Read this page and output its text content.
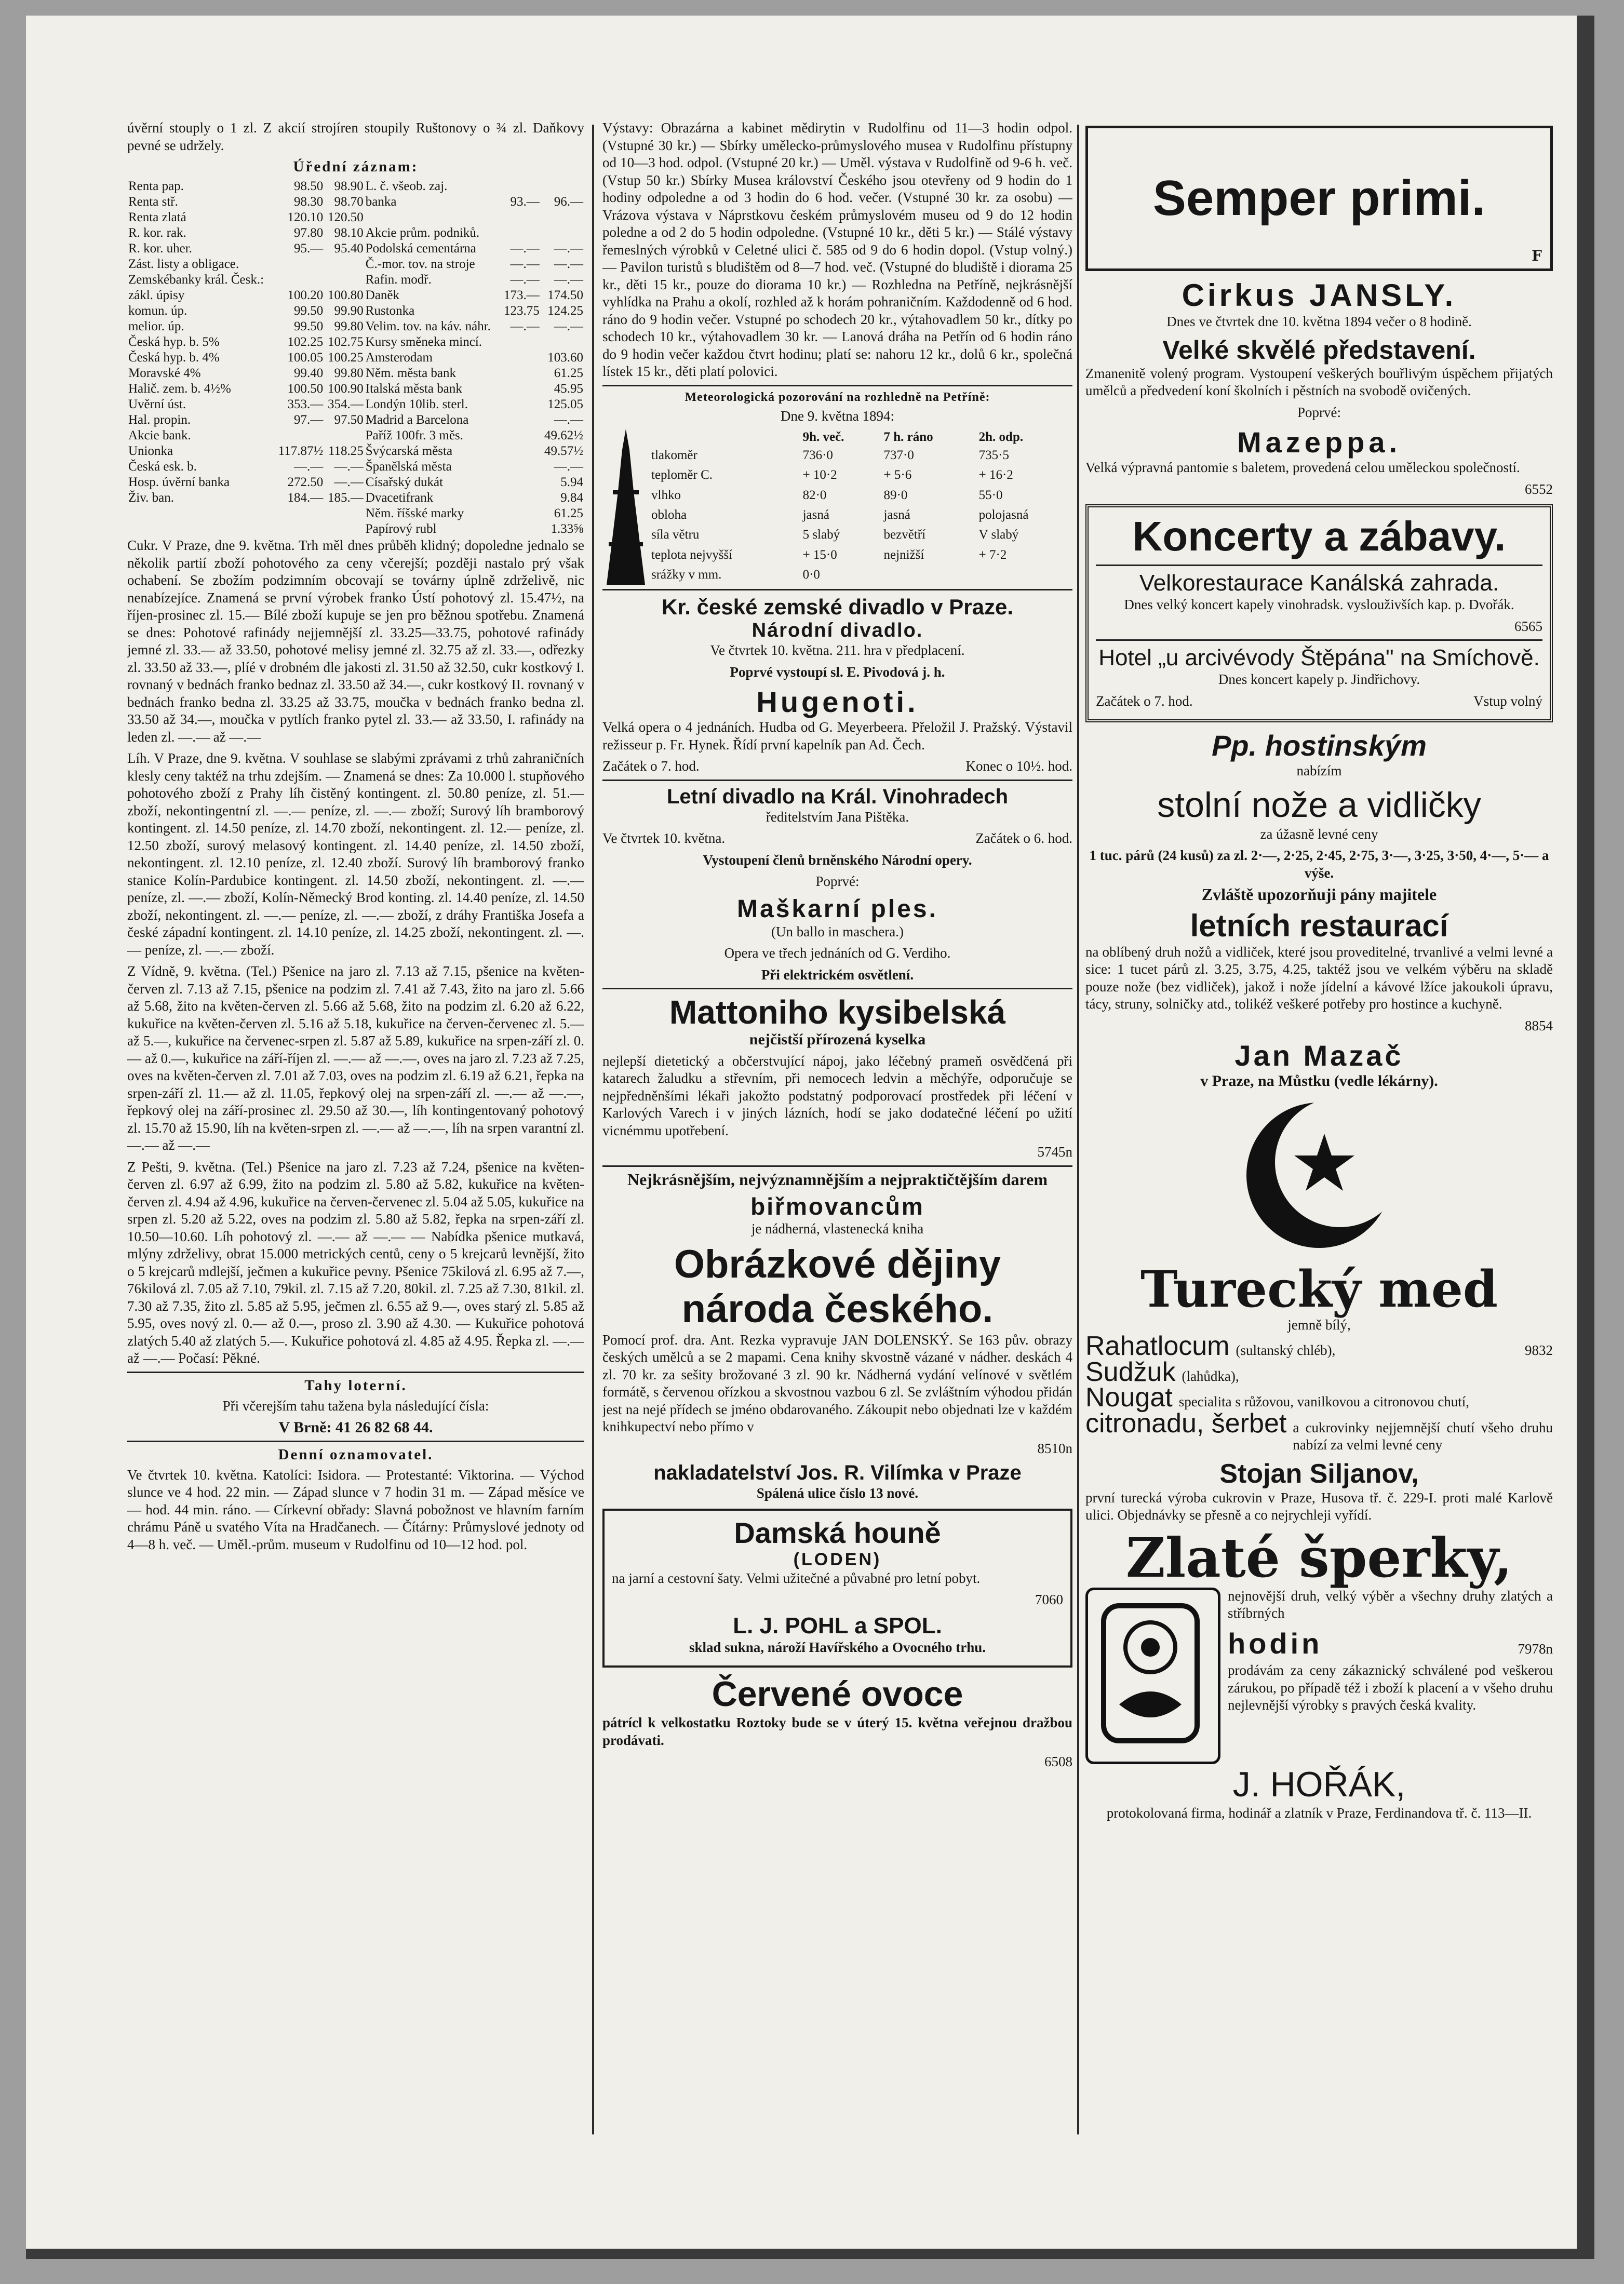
úvěrní stouply o 1 zl. Z akcií strojíren stoupily Ruštonovy o ¾ zl. Daňkovy pevné se udržely.

Úřední záznam:
Renta pap.	98.50	98.90	L. č. všeob. zaj.		
Renta stř.	98.30	98.70	banka	93.—	96.—
Renta zlatá	120.10	120.50			
R. kor. rak.	97.80	98.10	Akcie prům. podniků.		
R. kor. uher.	95.—	95.40	Podolská cementárna	—.—	—.—
Zást. listy a obligace.			Č.-mor. tov. na stroje	—.—	—.—
Zemskébanky král. Česk.:			Rafin. modř.	—.—	—.—
zákl. úpisy	100.20	100.80	Daněk	173.—	174.50
komun. úp.	99.50	99.90	Rustonka	123.75	124.25
melior. úp.	99.50	99.80	Velim. tov. na káv. náhr.	—.—	—.—
Česká hyp. b. 5%	102.25	102.75	Kursy směneka mincí.		
Česká hyp. b. 4%	100.05	100.25	Amsterodam		103.60
Moravské 4%	99.40	99.80	Něm. města bank		61.25
Halič. zem. b. 4½%	100.50	100.90	Italská města bank		45.95
Uvěrní úst.	353.—	354.—	Londýn 10lib. sterl.		125.05
Hal. propin.	97.—	97.50	Madrid a Barcelona		—.—
Akcie bank.			Paříž 100fr. 3 měs.		49.62½
Unionka	117.87½	118.25	Švýcarská města		49.57½
Česká esk. b.	—.—	—.—	Španělská města		—.—
Hosp. úvěrní banka	272.50	—.—	Císařský dukát		5.94
Živ. ban.	184.—	185.—	Dvacetifrank		9.84
			Něm. říšské marky		61.25
			Papírový rubl		1.33⅝

Cukr. V Praze, dne 9. května. Trh měl dnes průběh klidný; dopoledne jednalo se několik partií zboží pohotového za ceny včerejší; později nastalo prý však ochabení. Se zbožím podzimním obcovají se továrny úplně zdrželivě, nic nenabízejíce. Znamená se první výrobek franko Ústí pohotový zl. 15.47½, na říjen-prosinec zl. 15.— Bílé zboží kupuje se jen pro běžnou spotřebu. Znamená se dnes: Pohotové rafinády nejjemnější zl. 33.25—33.75, pohotové rafinády jemné zl. 33.— až 33.50, pohotové melisy jemné zl. 32.75 až zl. 33.—, odřezky zl. 33.50 až 33.—, plíé v drobném dle jakosti zl. 31.50 až 32.50, cukr kostkový I. rovnaný v bednách franko bednaz zl. 33.50 až 34.—, cukr kostkový II. rovnaný v bednách franko bedna zl. 33.25 až 33.75, moučka v bednách franko bedna zl. 33.50 až 34.—, moučka v pytlích franko pytel zl. 33.— až 33.50, I. rafinády na leden zl. —.— až —.—

Líh. V Praze, dne 9. května. V souhlase se slabými zprávami z trhů zahraničních klesly ceny taktéž na trhu zdejším. — Znamená se dnes: Za 10.000 l. stupňového pohotového zboží z Prahy líh čistěný kontingent. zl. 50.80 peníze, zl. 51.— zboží, nekontingentní zl. —.— peníze, zl. —.— zboží; Surový líh bramborový kontingent. zl. 14.50 peníze, zl. 14.70 zboží, nekontingent. zl. 12.— peníze, zl. 12.50 zboží, surový melasový kontingent. zl. 14.40 peníze, zl. 14.50 zboží, nekontingent. zl. 12.10 peníze, zl. 12.40 zboží. Surový líh bramborový franko stanice Kolín-Pardubice kontingent. zl. 14.50 zboží, nekontingent. zl. —.— peníze, zl. —.— zboží, Kolín-Německý Brod konting. zl. 14.40 peníze, zl. 14.50 zboží, nekontingent. zl. —.— peníze, zl. —.— zboží, z dráhy Františka Josefa a české západní kontingent. zl. 14.10 peníze, zl. 14.25 zboží, nekontingent. zl. —.— peníze, zl. —.— zboží.

Z Vídně, 9. května. (Tel.) Pšenice na jaro zl. 7.13 až 7.15, pšenice na květen-červen zl. 7.13 až 7.15, pšenice na podzim zl. 7.41 až 7.43, žito na jaro zl. 5.66 až 5.68, žito na květen-červen zl. 5.66 až 5.68, žito na podzim zl. 6.20 až 6.22, kukuřice na květen-červen zl. 5.16 až 5.18, kukuřice na červen-červenec zl. 5.— až 5.—, kukuřice na červenec-srpen zl. 5.87 až 5.89, kukuřice na srpen-září zl. 0.— až 0.—, kukuřice na září-říjen zl. —.— až —.—, oves na jaro zl. 7.23 až 7.25, oves na květen-červen zl. 7.01 až 7.03, oves na podzim zl. 6.19 až 6.21, řepka na srpen-září zl. 11.— až zl. 11.05, řepkový olej na srpen-září zl. —.— až —.—, řepkový olej na září-prosinec zl. 29.50 až 30.—, líh kontingentovaný pohotový zl. 15.70 až 15.90, líh na květen-srpen zl. —.— až —.—, líh na srpen varantní zl. —.— až —.—

Z Pešti, 9. května. (Tel.) Pšenice na jaro zl. 7.23 až 7.24, pšenice na květen-červen zl. 6.97 až 6.99, žito na podzim zl. 5.80 až 5.82, kukuřice na květen-červen zl. 4.94 až 4.96, kukuřice na červen-červenec zl. 5.04 až 5.05, kukuřice na srpen zl. 5.20 až 5.22, oves na podzim zl. 5.80 až 5.82, řepka na srpen-září zl. 10.50—10.60. Líh pohotový zl. —.— až —.— — Nabídka pšenice mutkavá, mlýny zdrželivy, obrat 15.000 metrických centů, ceny o 5 krejcarů levnější, žito o 5 krejcarů mdlejší, ječmen a kukuřice pevny. Pšenice 75kilová zl. 6.95 až 7.—, 76kilová zl. 7.05 až 7.10, 79kil. zl. 7.15 až 7.20, 80kil. zl. 7.25 až 7.30, 81kil. zl. 7.30 až 7.35, žito zl. 5.85 až 5.95, ječmen zl. 6.55 až 9.—, oves starý zl. 5.85 až 5.95, oves nový zl. 0.— až 0.—, proso zl. 3.90 až 4.30. — Kukuřice pohotová zlatých 5.40 až zlatých 5.—. Kukuřice pohotová zl. 4.85 až 4.95. Řepka zl. —.— až —.— Počasí: Pěkné.

Tahy loterní.

Při včerejším tahu tažena byla následující čísla:

V Brně: 41 26 82 68 44.

Denní oznamovatel.

Ve čtvrtek 10. května. Katolíci: Isidora. — Protestanté: Viktorina. — Východ slunce ve 4 hod. 22 min. — Západ slunce v 7 hodin 31 m. — Západ měsíce ve — hod. 44 min. ráno. — Církevní obřady: Slavná pobožnost ve hlavním farním chrámu Páně u svatého Víta na Hradčanech. — Čítárny: Průmyslové jednoty od 4—8 h. več. — Uměl.-prům. museum v Rudolfinu od 10—12 hod. pol.

Výstavy: Obrazárna a kabinet mědirytin v Rudolfinu od 11—3 hodin odpol. (Vstupné 30 kr.) — Sbírky umělecko-průmyslového musea v Rudolfinu přístupny od 10—3 hod. odpol. (Vstupné 20 kr.) — Uměl. výstava v Rudolfině od 9-6 h. več. (Vstup 50 kr.) Sbírky Musea království Českého jsou otevřeny od 9 hodin do 1 hodiny odpoledne a od 3 hodin do 6 hod. večer. (Vstupné 30 kr. za osobu) — Vrázova výstava v Náprstkovu českém průmyslovém museu od 9 do 12 hodin poledne a od 2 do 5 hodin odpoledne. (Vstupné 10 kr., děti 5 kr.) — Stálé výstavy řemeslných výrobků v Celetné ulici č. 585 od 9 do 6 hodin dopol. (Vstup volný.) — Pavilon turistů s bludištěm od 8—7 hod. več. (Vstupné do bludiště i diorama 25 kr., děti 15 kr., pouze do diorama 10 kr.) — Rozhledna na Petříně, nejkrásnější vyhlídka na Prahu a okolí, rozhled až k horám pohraničním. Každodenně od 6 hod. ráno do 9 hodin večer. Vstupné po schodech 20 kr., výtahovadlem 50 kr., dítky po schodech 10 kr., výtahovadlem 30 kr. — Lanová dráha na Petřín od 6 hodin ráno do 9 hodin večer každou čtvrt hodinu; platí se: nahoru 12 kr., dolů 6 kr., společná lístek 15 kr., děti platí polovici.

Meteorologická pozorování na rozhledně na Petříně:
Dne 9. května 1894:
	9h. več.	7 h. ráno	2h. odp.
tlakoměr	736·0	737·0	735·5
teploměr C.	+ 10·2	+ 5·6	+ 16·2
vlhko	82·0	89·0	55·0
obloha	jasná	jasná	polojasná
síla větru	5 slabý	bezvětří	V slabý
teplota nejvyšší	+ 15·0	nejnižší	+ 7·2
srážky v mm.	0·0		
Kr. české zemské divadlo v Praze.
Národní divadlo.
Ve čtvrtek 10. května. 211. hra v předplacení.
Poprvé vystoupí sl. E. Pivodová j. h.
Hugenoti.

Velká opera o 4 jednáních. Hudba od G. Meyerbeera. Přeložil J. Pražský. Výstavil režisseur p. Fr. Hynek. Řídí první kapelník pan Ad. Čech.

Začátek o 7. hod.	Konec o 10½. hod.
Letní divadlo na Král. Vinohradech
ředitelstvím Jana Pištěka.
Ve čtvrtek 10. května.	Začátek o 6. hod.
Vystoupení členů brněnského Národní opery.
Poprvé:
Maškarní ples.
(Un ballo in maschera.)
Opera ve třech jednáních od G. Verdiho.
Při elektrickém osvětlení.
Mattoniho kysibelská
nejčistší přírozená kyselka

nejlepší dietetický a občerstvující nápoj, jako léčebný prameň osvědčená při katarech žaludku a střevním, při nemocech ledvin a měchýře, odporučuje se nejpředněnšími lékaři jakožto podstatný podporovací prostředek při léčení v Karlových Varech i v jiných lázních, hodí se jako dodatečné léčení po užití vicnémmu upotřebení.

5745n
Nejkrásnějším, nejvýznamnějším a nejpraktičtějším darem
biřmovancům
je nádherná, vlastenecká kniha
Obrázkové dějiny
národa českého.

Pomocí prof. dra. Ant. Rezka vypravuje JAN DOLENSKÝ. Se 163 pův. obrazy českých umělců a se 2 mapami. Cena knihy skvostně vázané v nádher. deskách 4 zl. 70 kr. za sešity brožované 3 zl. 90 kr. Nádherná vydání velínové v světlém formátě, s červenou ořízkou a skvostnou vazbou 6 zl. Se zvláštním výhodou přidán jest na nejé přídech se jméno obdarovaného. Zákoupit nebo objednati lze v každém knihkupectví nebo přímo v

8510n
nakladatelství Jos. R. Vilímka v Praze
Spálená ulice číslo 13 nové.
Damská houně
(LODEN)

na jarní a cestovní šaty. Velmi užitečné a půvabné pro letní pobyt.

7060
L. J. POHL a SPOL.
sklad sukna, nároží Havířského a Ovocného trhu.
Červené ovoce

pátrícl k velkostatku Roztoky bude se v úterý 15. května veřejnou dražbou prodávati.

6508
Semper primi.
F
Cirkus JANSLY.
Dnes ve čtvrtek dne 10. května 1894 večer o 8 hodině.
Velké skvělé představení.

Zmanenitě volený program. Vystoupení veškerých bouřlivým úspěchem přijatých umělců a předvedení koní školních i pěstních na svobodě ovičených.

Poprvé:
Mazeppa.

Velká výpravná pantomie s baletem, provedená celou uměleckou společností.

6552
Koncerty a zábavy.
Velkorestaurace Kanálská zahrada.
Dnes velký koncert kapely vinohradsk. vyslouživších kap. p. Dvořák.
6565
Hotel „u arcivévody Štěpána" na Smíchově.
Dnes koncert kapely p. Jindřichovy.
Začátek o 7. hod.	Vstup volný
Pp. hostinským
nabízím
stolní nože a vidličky
za úžasně levné ceny
1 tuc. párů (24 kusů) za zl. 2·—, 2·25, 2·45, 2·75, 3·—, 3·25, 3·50, 4·—, 5·— a výše.
Zvláště upozorňuji pány majitele
letních restaurací

na oblíbený druh nožů a vidliček, které jsou proveditelné, trvanlivé a velmi levné a sice: 1 tucet párů zl. 3.25, 3.75, 4.25, taktéž jsou ve velkém výběru na skladě pouze nože (bez vidliček), jakož i nože jídelní a kávové lžíce jakoukoli úpravu, tácy, struny, solničky atd., tolikéž veškeré potřeby pro hostince a kuchyně.

8854
Jan Mazač
v Praze, na Můstku (vedle lékárny).
Turecký med
jemně bílý,
Rahatlocum (sultanský chléb),	9832
Sudžuk (lahůdka),
Nougat specialita s růžovou, vanilkovou a citronovou chutí,
citronadu, šerbet a cukrovinky nejjemnější chutí všeho druhu nabízí za velmi levné ceny
Stojan Siljanov,

první turecká výroba cukrovin v Praze, Husova tř. č. 229-I. proti malé Karlově ulici. Objednávky se přesně a co nejrychleji vyřídí.

Zlaté šperky,

nejnovější druh, velký výběr a všechny druhy zlatých a stříbrných

hodin	7978n

prodávám za ceny zákaznický schválené pod veškerou zárukou, po případě též i zboží k placení a v všeho druhu nejlevnější výrobky s pravých česká kvality.

J. HOŘÁK,

protokolovaná firma, hodinář a zlatník v Praze, Ferdinandova tř. č. 113—II.
